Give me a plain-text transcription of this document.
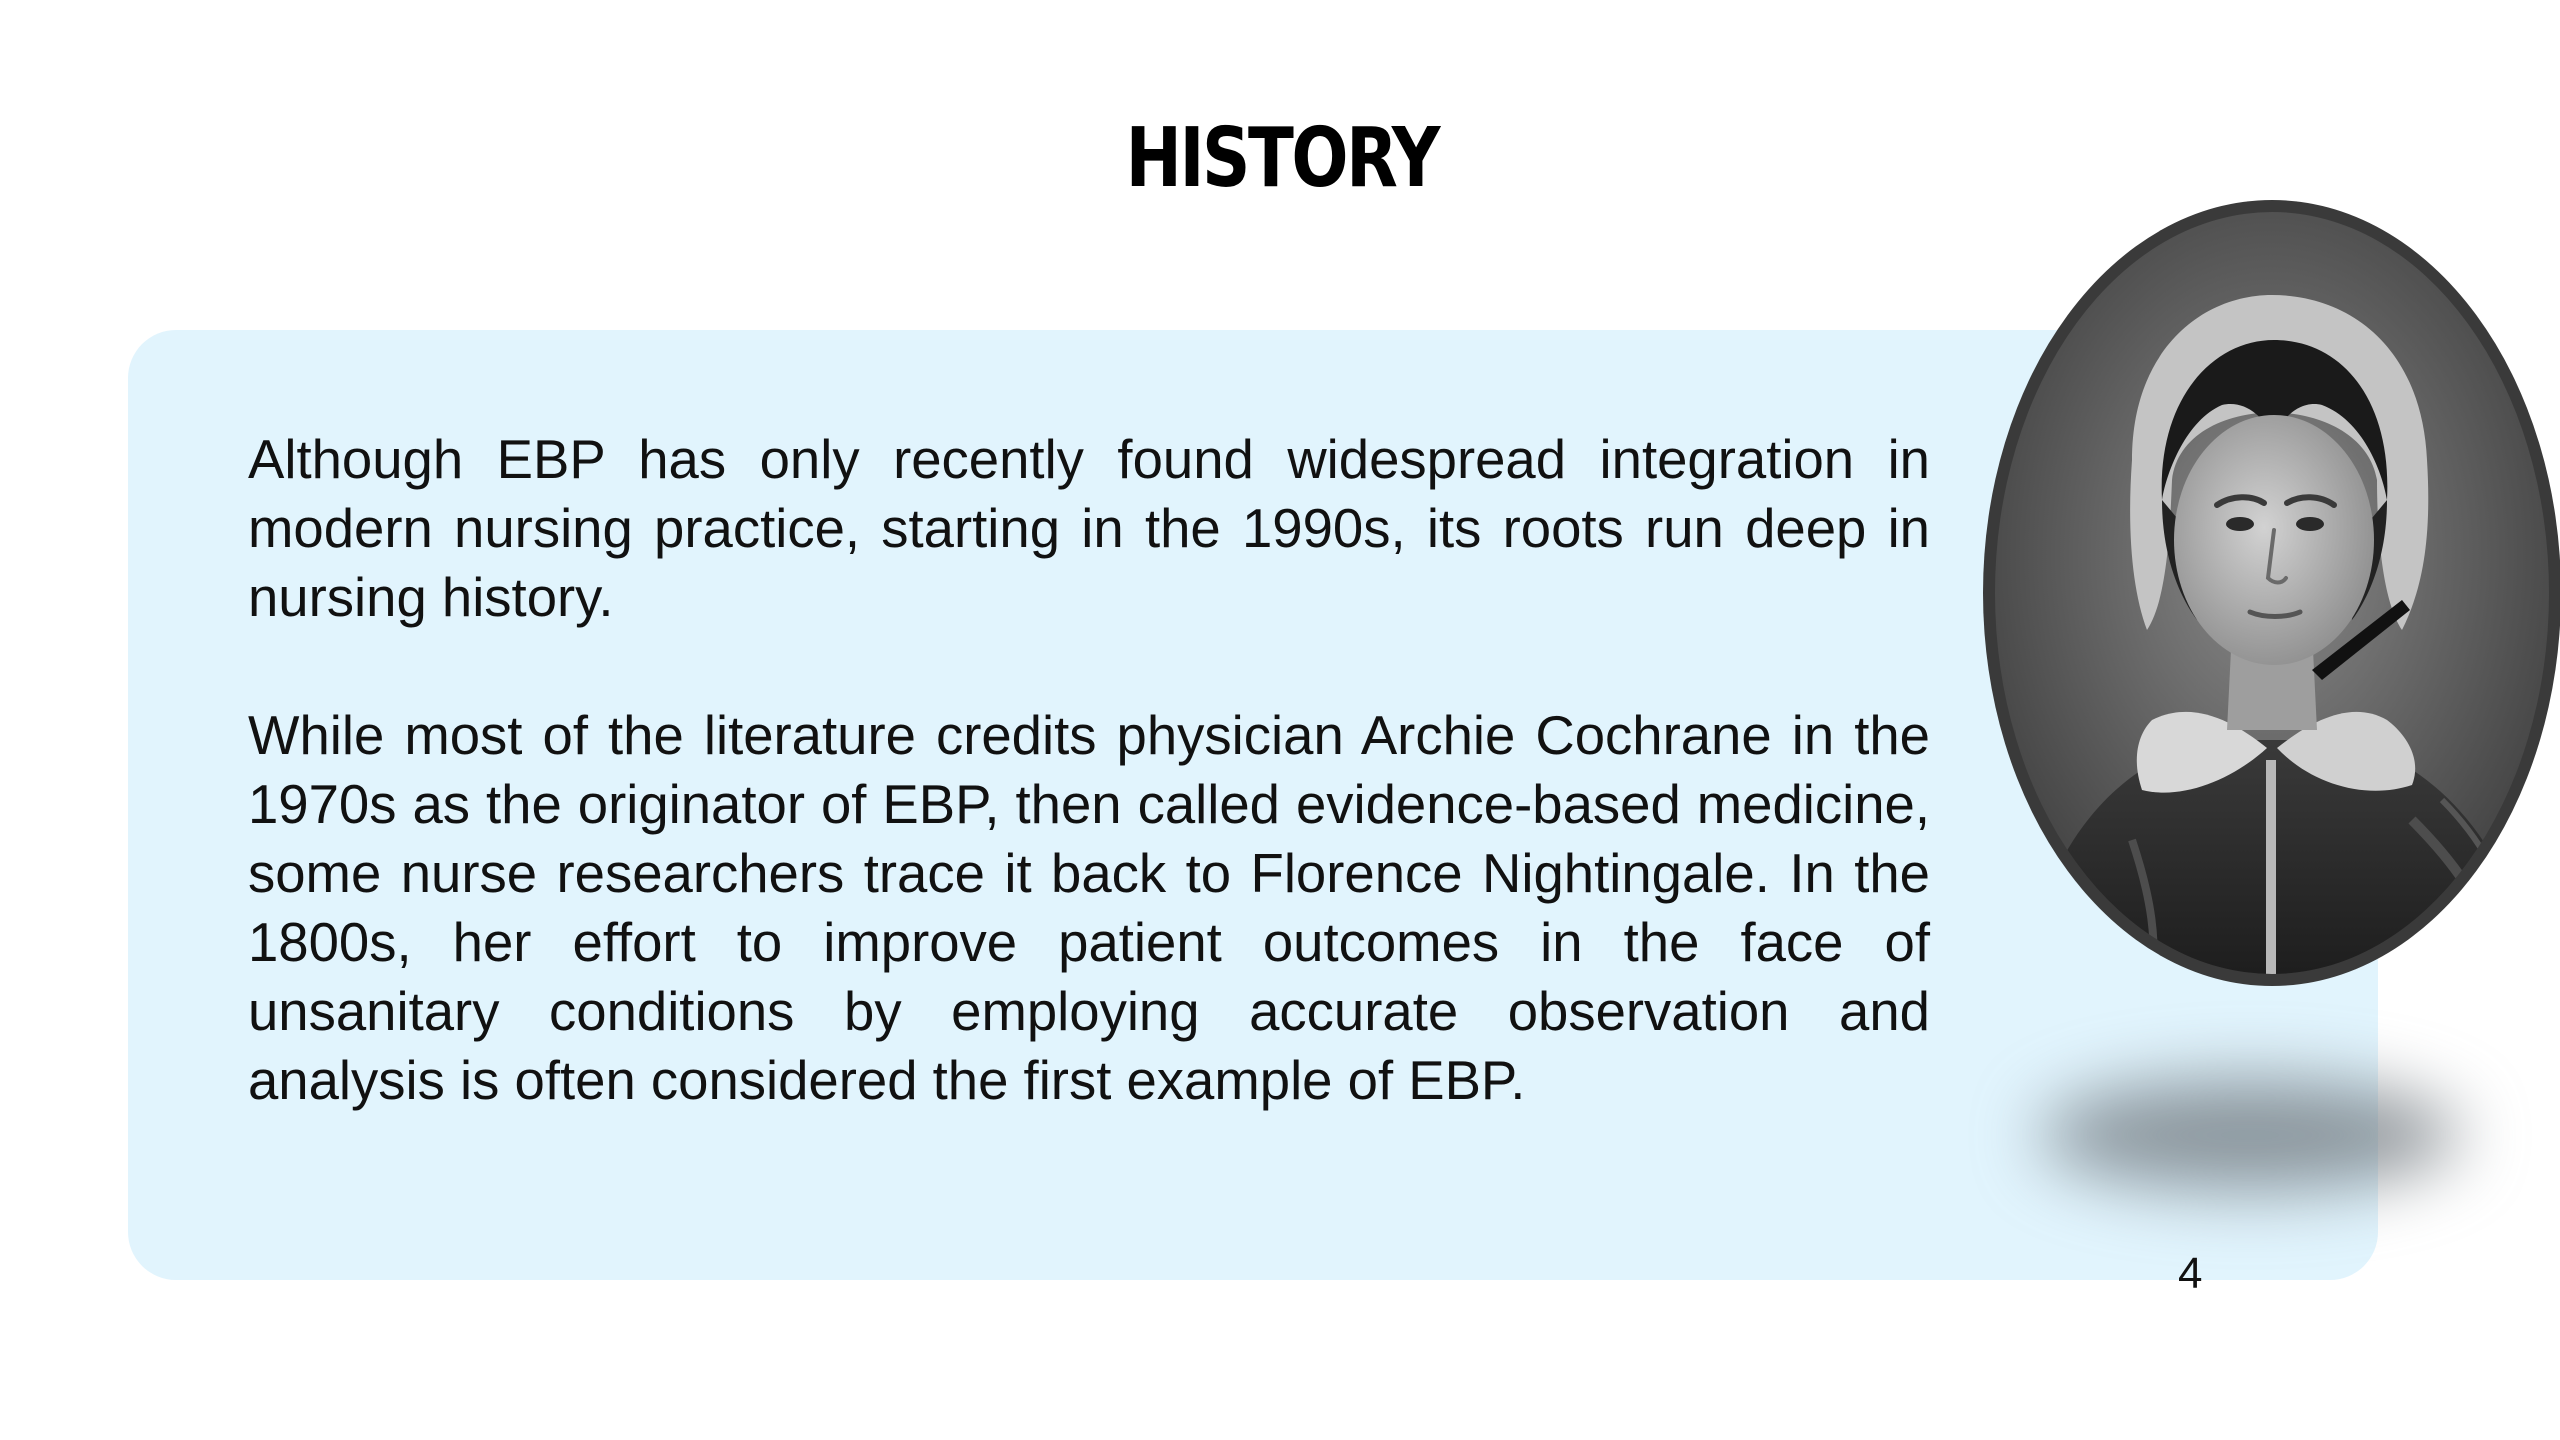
HISTORY

Although EBP has only recently found widespread integration in modern nursing practice, starting in the 1990s, its roots run deep in nursing history.

While most of the literature credits physician Archie Cochrane in the 1970s as the originator of EBP, then called evidence-based medicine, some nurse researchers trace it back to Florence Nightingale. In the 1800s, her effort to improve patient outcomes in the face of unsanitary conditions by employing accurate observation and analysis is often considered the first example of EBP.

4
